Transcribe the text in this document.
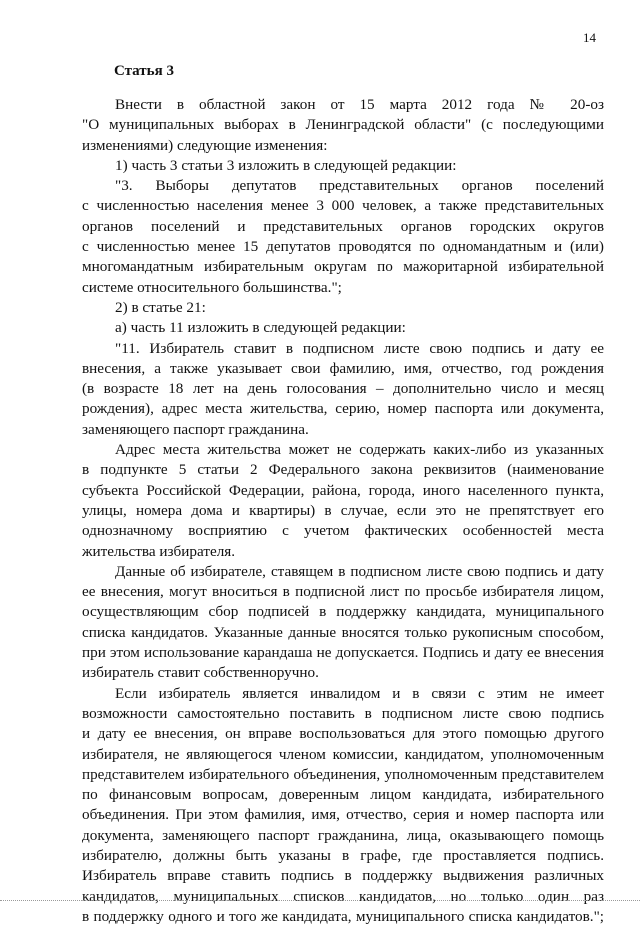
14
Статья 3
Внести в областной закон от 15 марта 2012 года № 20-оз
"О муниципальных выборах в Ленинградской области" (с последующими
изменениями) следующие изменения:
1) часть 3 статьи 3 изложить в следующей редакции:
"3. Выборы депутатов представительных органов поселений
с численностью населения менее 3 000 человек, а также представительных
органов поселений и представительных органов городских округов
с численностью менее 15 депутатов проводятся по одномандатным и (или)
многомандатным избирательным округам по мажоритарной избирательной
системе относительного большинства.";
2) в статье 21:
а) часть 11 изложить в следующей редакции:
"11. Избиратель ставит в подписном листе свою подпись и дату ее
внесения, а также указывает свои фамилию, имя, отчество, год рождения
(в возрасте 18 лет на день голосования – дополнительно число и месяц
рождения), адрес места жительства, серию, номер паспорта или документа,
заменяющего паспорт гражданина.
Адрес места жительства может не содержать каких-либо из указанных
в подпункте 5 статьи 2 Федерального закона реквизитов (наименование
субъекта Российской Федерации, района, города, иного населенного пункта,
улицы, номера дома и квартиры) в случае, если это не препятствует его
однозначному восприятию с учетом фактических особенностей места
жительства избирателя.
Данные об избирателе, ставящем в подписном листе свою подпись и дату
ее внесения, могут вноситься в подписной лист по просьбе избирателя лицом,
осуществляющим сбор подписей в поддержку кандидата, муниципального
списка кандидатов. Указанные данные вносятся только рукописным способом,
при этом использование карандаша не допускается. Подпись и дату ее внесения
избиратель ставит собственноручно.
Если избиратель является инвалидом и в связи с этим не имеет
возможности самостоятельно поставить в подписном листе свою подпись
и дату ее внесения, он вправе воспользоваться для этого помощью другого
избирателя, не являющегося членом комиссии, кандидатом, уполномоченным
представителем избирательного объединения, уполномоченным представителем
по финансовым вопросам, доверенным лицом кандидата, избирательного
объединения. При этом фамилия, имя, отчество, серия и номер паспорта или
документа, заменяющего паспорт гражданина, лица, оказывающего помощь
избирателю, должны быть указаны в графе, где проставляется подпись.
Избиратель вправе ставить подпись в поддержку выдвижения различных
кандидатов, муниципальных списков кандидатов, но только один раз
в поддержку одного и того же кандидата, муниципального списка кандидатов.";
